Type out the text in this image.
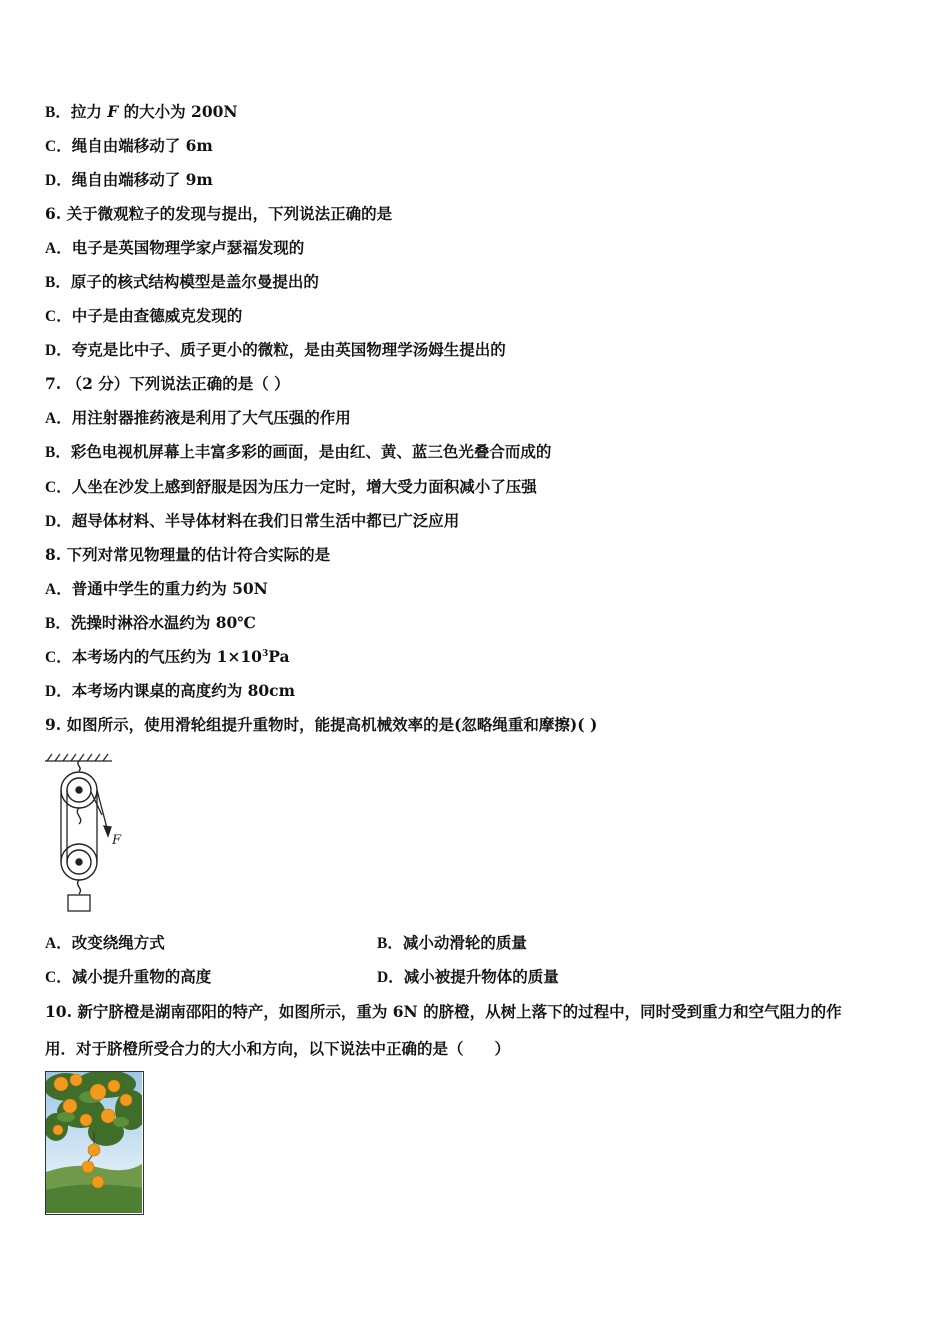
B．拉力 F 的大小为 200N
C．绳自由端移动了 6m
D．绳自由端移动了 9m
6. 关于微观粒子的发现与提出，下列说法正确的是
A．电子是英国物理学家卢瑟福发现的
B．原子的核式结构模型是盖尔曼提出的
C．中子是由查德威克发现的
D．夸克是比中子、质子更小的微粒，是由英国物理学汤姆生提出的
7. （2 分）下列说法正确的是（ ）
A．用注射器推药液是利用了大气压强的作用
B．彩色电视机屏幕上丰富多彩的画面，是由红、黄、蓝三色光叠合而成的
C．人坐在沙发上感到舒服是因为压力一定时，增大受力面积减小了压强
D．超导体材料、半导体材料在我们日常生活中都已广泛应用
8. 下列对常见物理量的估计符合实际的是
A．普通中学生的重力约为 50N
B．洗操时淋浴水温约为 80℃
C．本考场内的气压约为 $1\times 10^3Pa$
D．本考场内课桌的高度约为 80cm
9. 如图所示，使用滑轮组提升重物时，能提高机械效率的是(忽略绳重和摩擦)( )
F
A．改变绕绳方式	B．减小动滑轮的质量
C．减小提升重物的高度	D．减小被提升物体的质量
10. 新宁脐橙是湖南邵阳的特产，如图所示，重为 6N 的脐橙，从树上落下的过程中，同时受到重力和空气阻力的作
用．对于脐橙所受合力的大小和方向，以下说法中正确的是（　　）
